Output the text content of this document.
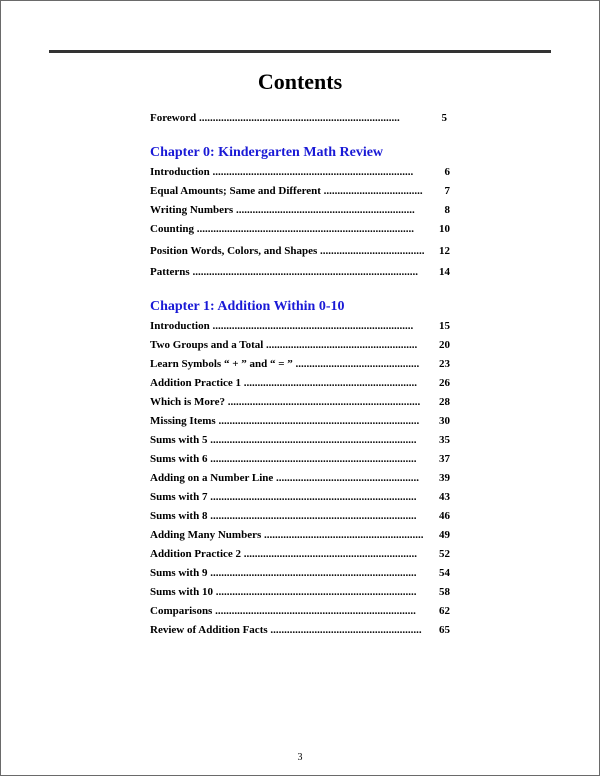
Contents
Foreword .........................................................................	5
Chapter 0: Kindergarten Math Review
Introduction .........................................................................	6
Equal Amounts; Same and Different .................................... 7
Writing Numbers .................................................................	8
Counting ............................................................................... 10
Position Words, Colors, and Shapes ...................................... 12
Patterns .................................................................................. 14
Chapter 1: Addition Within 0-10
Introduction ......................................................................... 15
Two Groups and a Total ....................................................... 20
Learn Symbols “ + ” and “ = ” ............................................. 23
Addition Practice 1 ............................................................... 26
Which is More? ...................................................................... 28
Missing Items ......................................................................... 30
Sums with 5 ........................................................................... 35
Sums with 6 ........................................................................... 37
Adding on a Number Line .................................................... 39
Sums with 7 ........................................................................... 43
Sums with 8 ........................................................................... 46
Adding Many Numbers .......................................................... 49
Addition Practice 2 ............................................................... 52
Sums with 9 ........................................................................... 54
Sums with 10 ......................................................................... 58
Comparisons ......................................................................... 62
Review of Addition Facts ....................................................... 65
3
